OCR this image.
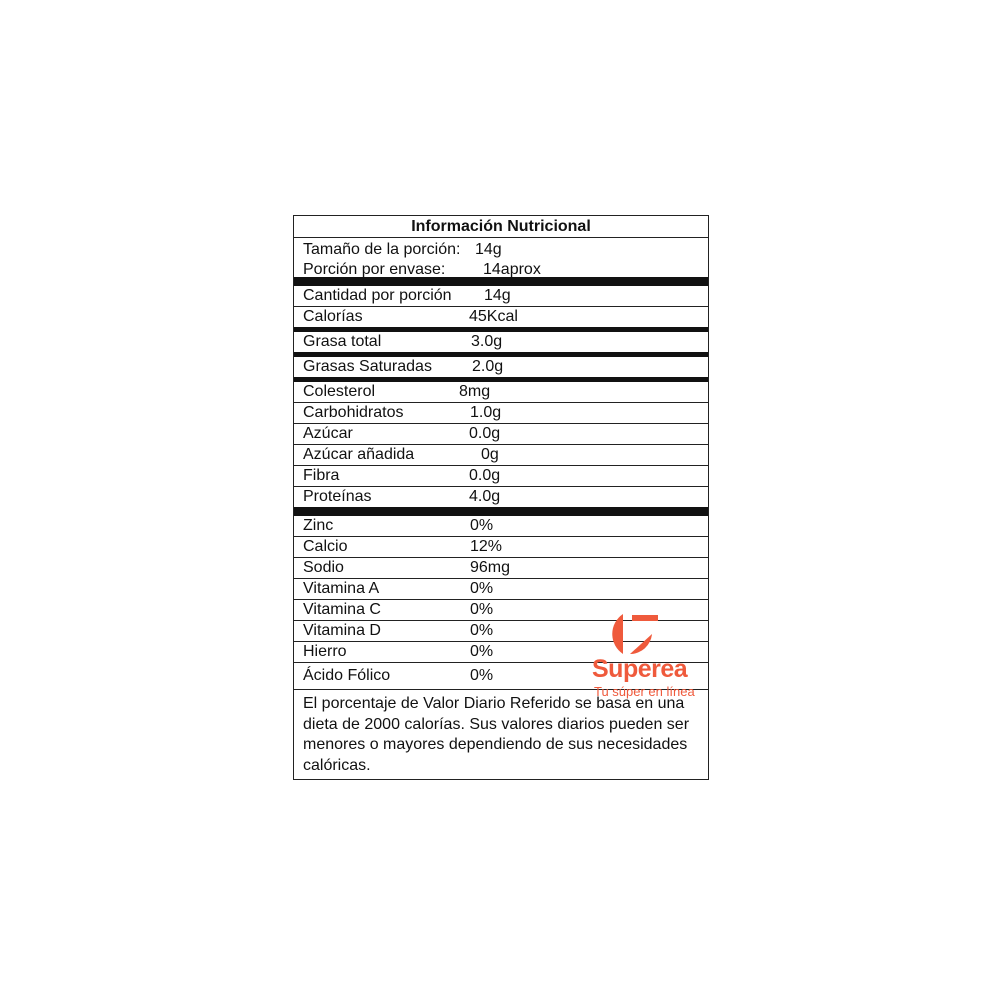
Información Nutricional
Tamaño de la porción: 14g
Porción por envase: 14aprox
Cantidad por porción 14g
Calorías	45Kcal
Grasa total	3.0g
Grasas Saturadas	2.0g
Colesterol	8mg
Carbohidratos	1.0g
Azúcar	0.0g
Azúcar añadida	0g
Fibra	0.0g
Proteínas	4.0g
Zinc	0%
Calcio	12%
Sodio	96mg
Vitamina A	0%
Vitamina C	0%
Vitamina D	0%
Hierro	0%
Ácido Fólico	0%
El porcentaje de Valor Diario Referido se basa en una dieta de 2000 calorías. Sus valores diarios pueden ser menores o mayores dependiendo de sus necesidades calóricas.
Superea
Tu súper en línea
